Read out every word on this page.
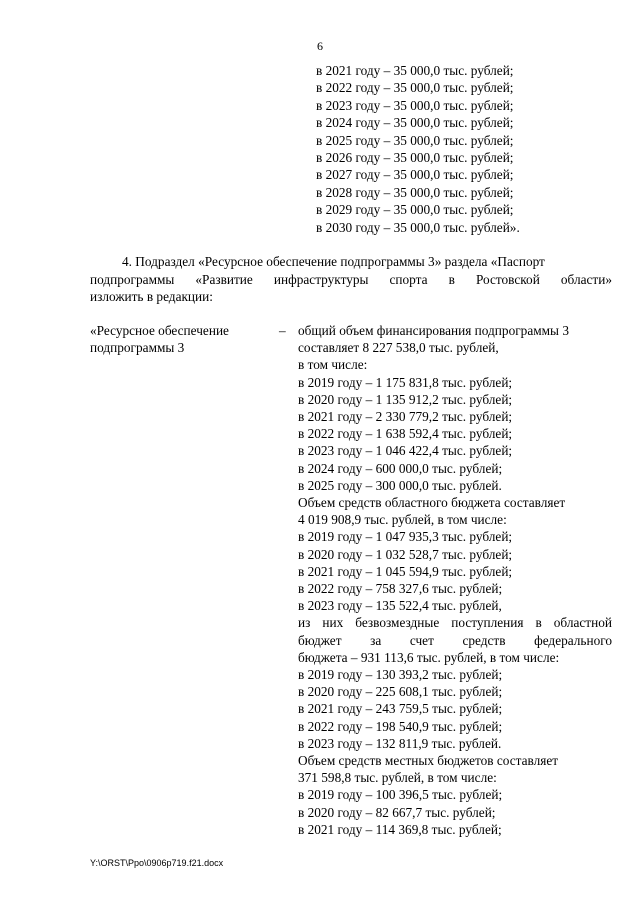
6
в 2021 году – 35 000,0 тыс. рублей;
в 2022 году – 35 000,0 тыс. рублей;
в 2023 году – 35 000,0 тыс. рублей;
в 2024 году – 35 000,0 тыс. рублей;
в 2025 году – 35 000,0 тыс. рублей;
в 2026 году – 35 000,0 тыс. рублей;
в 2027 году – 35 000,0 тыс. рублей;
в 2028 году – 35 000,0 тыс. рублей;
в 2029 году – 35 000,0 тыс. рублей;
в 2030 году – 35 000,0 тыс. рублей».
4. Подраздел «Ресурсное обеспечение подпрограммы 3» раздела «Паспорт
подпрограммы «Развитие инфраструктуры спорта в Ростовской области»
изложить в редакции:
«Ресурсное обеспечение
подпрограммы 3
– общий объем финансирования подпрограммы 3
составляет 8 227 538,0 тыс. рублей,
в том числе:
в 2019 году – 1 175 831,8 тыс. рублей;
в 2020 году – 1 135 912,2 тыс. рублей;
в 2021 году – 2 330 779,2 тыс. рублей;
в 2022 году – 1 638 592,4 тыс. рублей;
в 2023 году – 1 046 422,4 тыс. рублей;
в 2024 году – 600 000,0 тыс. рублей;
в 2025 году – 300 000,0 тыс. рублей.
Объем средств областного бюджета составляет
4 019 908,9 тыс. рублей, в том числе:
в 2019 году – 1 047 935,3 тыс. рублей;
в 2020 году – 1 032 528,7 тыс. рублей;
в 2021 году – 1 045 594,9 тыс. рублей;
в 2022 году – 758 327,6 тыс. рублей;
в 2023 году – 135 522,4 тыс. рублей,
из них безвозмездные поступления в областной
бюджет за счет средств федерального
бюджета – 931 113,6 тыс. рублей, в том числе:
в 2019 году – 130 393,2 тыс. рублей;
в 2020 году – 225 608,1 тыс. рублей;
в 2021 году – 243 759,5 тыс. рублей;
в 2022 году – 198 540,9 тыс. рублей;
в 2023 году – 132 811,9 тыс. рублей.
Объем средств местных бюджетов составляет
371 598,8 тыс. рублей, в том числе:
в 2019 году – 100 396,5 тыс. рублей;
в 2020 году – 82 667,7 тыс. рублей;
в 2021 году – 114 369,8 тыс. рублей;
Y:\ORST\Ppo\0906p719.f21.docx
